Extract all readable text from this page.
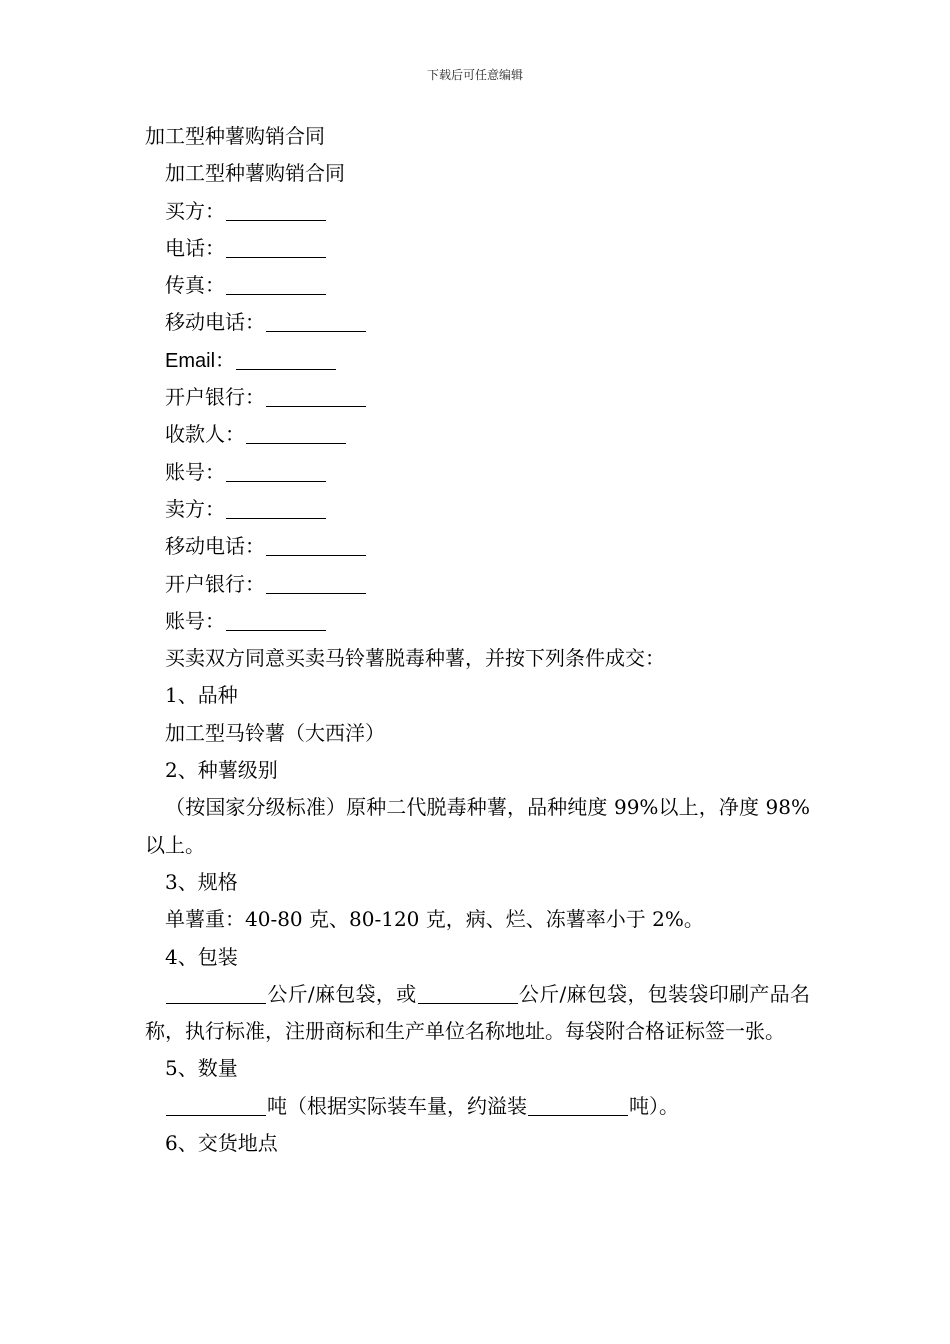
下载后可任意编辑
加工型种薯购销合同
加工型种薯购销合同
买方：
电话：
传真：
移动电话：
Email：
开户银行：
收款人：
账号：
卖方：
移动电话：
开户银行：
账号：
买卖双方同意买卖马铃薯脱毒种薯，并按下列条件成交：
1、品种
加工型马铃薯（大西洋）
2、种薯级别
（按国家分级标准）原种二代脱毒种薯，品种纯度 99%以上，净度 98%以上。
3、规格
单薯重：40-80 克、80-120 克，病、烂、冻薯率小于 2%。
4、包装
公斤/麻包袋，或	公斤/麻包袋，包装袋印刷产品名称，执行标准，注册商标和生产单位名称地址。每袋附合格证标签一张。
5、数量
吨（根据实际装车量，约溢装	吨）。
6、交货地点
